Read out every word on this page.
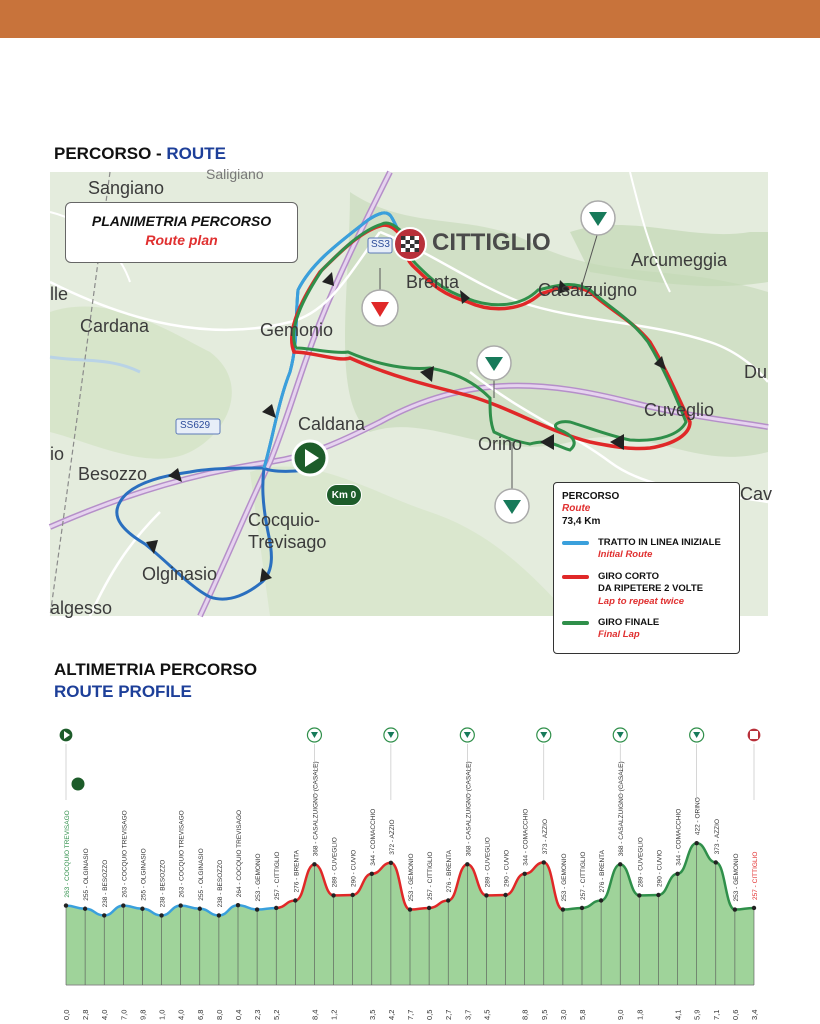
PERCORSO - ROUTE
Sangiano
Saligiano
Arcumeggia
lle
Cardana
Du
Caldana
Gemonio
Brenta	Casalzuigno
Cuveglio
Orino
Besozzo
io
Cocquio-
Trevisago
Olginasio
algesso
Cav
SS629
SS3
PLANIMETRIA PERCORSO
Route plan	CITTIGLIO
Km 0	PERCORSO
Route
73,4 Km
TRATTO IN LINEA INIZIALE
Initial Route
GIRO CORTO
DA RIPETERE 2 VOLTE
Lap to repeat twice
GIRO FINALE
Final Lap
ALTIMETRIA PERCORSO
ROUTE PROFILE
263 - COCQUIO TREVISAGO
0,0
255 - OLGINASIO
2,8
238 - BESOZZO
4,0
263 - COCQUIO TREVISAGO
7,0
255 - OLGINASIO
9,8
238 - BESOZZO
1,0
263 - COCQUIO TREVISAGO
4,0
255 - OLGINASIO
6,8
238 - BESOZZO
8,0
264 - COCQUIO TREVISAGO
0,4
253 - GEMONIO
2,3
257 - CITTIGLIO
5,2
276 - BRENTA
368 - CASALZUIGNO (CASALE)
8,4
289 - CUVEGLIO
1,2
290 - CUVIO
344 - COMACCHIO
3,5
372 - AZZIO
4,2
253 - GEMONIO
7,7
257 - CITTIGLIO
0,5
276 - BRENTA
2,7
368 - CASALZUIGNO (CASALE)
3,7
289 - CUVEGLIO
4,5
290 - CUVIO
344 - COMACCHIO
8,8
373 - AZZIO
9,5
253 - GEMONIO
3,0
257 - CITTIGLIO
5,8
276 - BRENTA
368 - CASALZUIGNO (CASALE)
9,0
289 - CUVEGLIO
1,8
290 - CUVIO
344 - COMACCHIO
4,1
422 - ORINO
5,9
373 - AZZIO
7,1
253 - GEMONIO
0,6
257 - CITTIGLIO
3,4
